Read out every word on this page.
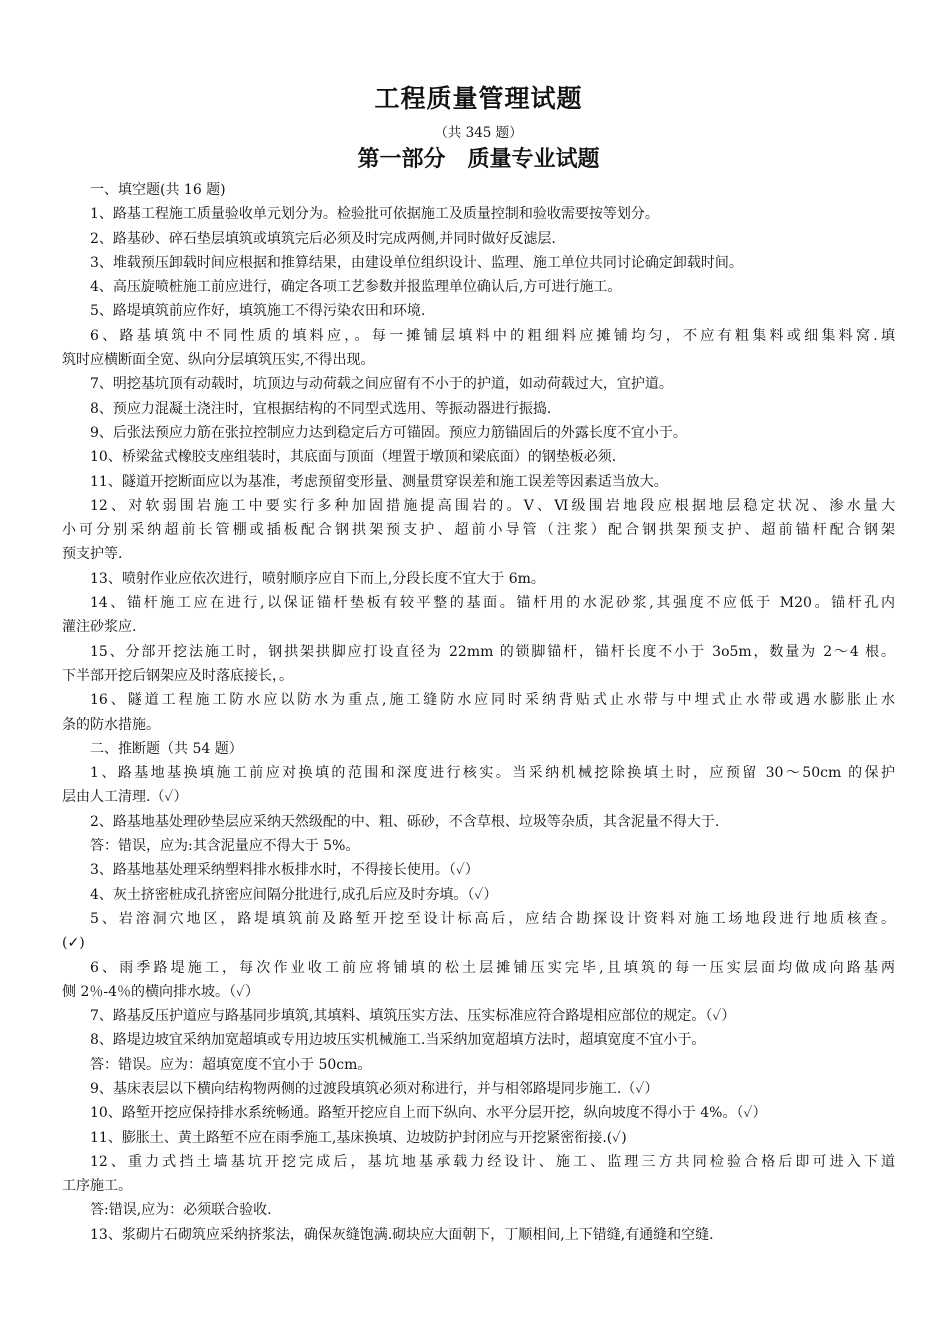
工程质量管理试题
（共 345 题）
第一部分 质量专业试题
一、填空题(共 16 题)
1、路基工程施工质量验收单元划分为。检验批可依据施工及质量控制和验收需要按等划分。
2、路基砂、碎石垫层填筑或填筑完后必须及时完成两侧,并同时做好反滤层.
3、堆载预压卸载时间应根据和推算结果，由建设单位组织设计、监理、施工单位共同讨论确定卸载时间。
4、高压旋喷桩施工前应进行，确定各项工艺参数并报监理单位确认后,方可进行施工。
5、路堤填筑前应作好，填筑施工不得污染农田和环境.
6、路基填筑中不同性质的填料应，。每一摊铺层填料中的粗细料应摊铺均匀，不应有粗集料或细集料窝.填
筑时应横断面全宽、纵向分层填筑压实,不得出现。
7、明挖基坑顶有动载时，坑顶边与动荷载之间应留有不小于的护道，如动荷载过大，宜护道。
8、预应力混凝土浇注时，宜根据结构的不同型式选用、等振动器进行振捣.
9、后张法预应力筋在张拉控制应力达到稳定后方可锚固。预应力筋锚固后的外露长度不宜小于。
10、桥梁盆式橡胶支座组装时，其底面与顶面（埋置于墩顶和梁底面）的钢垫板必须.
11、隧道开挖断面应以为基准，考虑预留变形量、测量贯穿误差和施工误差等因素适当放大。
12、对软弱围岩施工中要实行多种加固措施提高围岩的。Ⅴ、Ⅵ级围岩地段应根据地层稳定状况、渗水量大
小可分别采纳超前长管棚或插板配合钢拱架预支护、超前小导管（注浆）配合钢拱架预支护、超前锚杆配合钢架
预支护等.
13、喷射作业应依次进行，喷射顺序应自下而上,分段长度不宜大于 6m。
14、锚杆施工应在进行,以保证锚杆垫板有较平整的基面。锚杆用的水泥砂浆,其强度不应低于 M20。锚杆孔内
灌注砂浆应.
15、分部开挖法施工时，钢拱架拱脚应打设直径为 22mm 的锁脚锚杆，锚杆长度不小于 3o5m，数量为 2～4 根。
下半部开挖后钢架应及时落底接长，。
16、隧道工程施工防水应以防水为重点,施工缝防水应同时采纳背贴式止水带与中埋式止水带或遇水膨胀止水
条的防水措施。
二、推断题（共 54 题）
1、路基地基换填施工前应对换填的范围和深度进行核实。当采纳机械挖除换填土时，应预留 30～50cm 的保护
层由人工清理.（✓）
2、路基地基处理砂垫层应采纳天然级配的中、粗、砾砂，不含草根、垃圾等杂质，其含泥量不得大于.
答：错误，应为:其含泥量应不得大于 5%。
3、路基地基处理采纳塑料排水板排水时，不得接长使用。（✓）
4、灰土挤密桩成孔挤密应间隔分批进行,成孔后应及时夯填。（✓）
5、岩溶洞穴地区，路堤填筑前及路堑开挖至设计标高后，应结合勘探设计资料对施工场地段进行地质核查。
(✓)
6、雨季路堤施工，每次作业收工前应将铺填的松土层摊铺压实完毕,且填筑的每一压实层面均做成向路基两
侧 2％-4％的横向排水坡。（✓）
7、路基反压护道应与路基同步填筑,其填料、填筑压实方法、压实标准应符合路堤相应部位的规定。（✓）
8、路堤边坡宜采纳加宽超填或专用边坡压实机械施工.当采纳加宽超填方法时，超填宽度不宜小于。
答：错误。应为：超填宽度不宜小于 50cm。
9、基床表层以下横向结构物两侧的过渡段填筑必须对称进行，并与相邻路堤同步施工.（✓）
10、路堑开挖应保持排水系统畅通。路堑开挖应自上而下纵向、水平分层开挖，纵向坡度不得小于 4%。（✓）
11、膨胀土、黄土路堑不应在雨季施工,基床换填、边坡防护封闭应与开挖紧密衔接.(✓)
12、重力式挡土墙基坑开挖完成后，基坑地基承载力经设计、施工、监理三方共同检验合格后即可进入下道
工序施工。
答:错误,应为：必须联合验收.
13、浆砌片石砌筑应采纳挤浆法，确保灰缝饱满.砌块应大面朝下，丁顺相间,上下错缝,有通缝和空缝.
